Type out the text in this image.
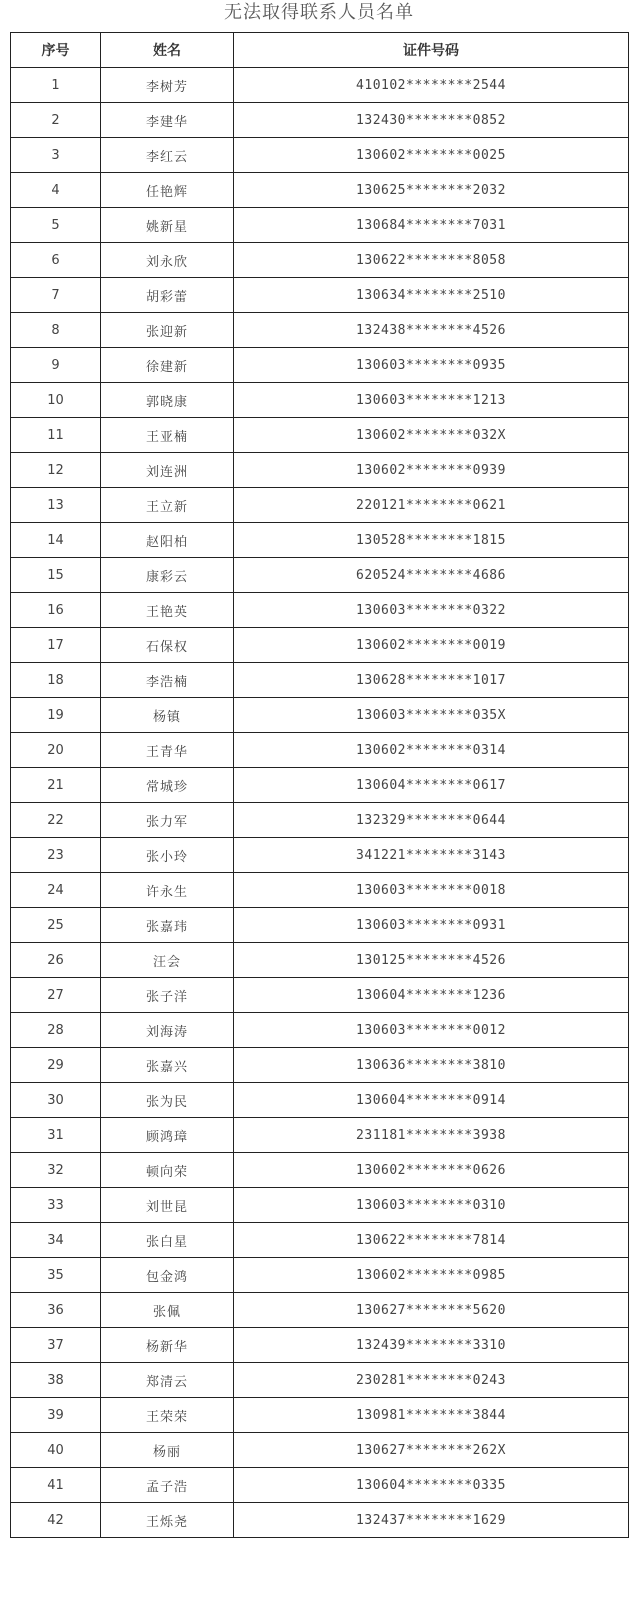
无法取得联系人员名单
序号	姓名	证件号码
1	李树芳	410102********2544
2	李建华	132430********0852
3	李红云	130602********0025
4	任艳辉	130625********2032
5	姚新星	130684********7031
6	刘永欣	130622********8058
7	胡彩蕾	130634********2510
8	张迎新	132438********4526
9	徐建新	130603********0935
10	郭晓康	130603********1213
11	王亚楠	130602********032X
12	刘连洲	130602********0939
13	王立新	220121********0621
14	赵阳柏	130528********1815
15	康彩云	620524********4686
16	王艳英	130603********0322
17	石保权	130602********0019
18	李浩楠	130628********1017
19	杨镇	130603********035X
20	王青华	130602********0314
21	常城珍	130604********0617
22	张力军	132329********0644
23	张小玲	341221********3143
24	许永生	130603********0018
25	张嘉玮	130603********0931
26	汪会	130125********4526
27	张子洋	130604********1236
28	刘海涛	130603********0012
29	张嘉兴	130636********3810
30	张为民	130604********0914
31	顾鸿璋	231181********3938
32	顿向荣	130602********0626
33	刘世昆	130603********0310
34	张白星	130622********7814
35	包金鸿	130602********0985
36	张佩	130627********5620
37	杨新华	132439********3310
38	郑清云	230281********0243
39	王荣荣	130981********3844
40	杨丽	130627********262X
41	孟子浩	130604********0335
42	王烁尧	132437********1629
